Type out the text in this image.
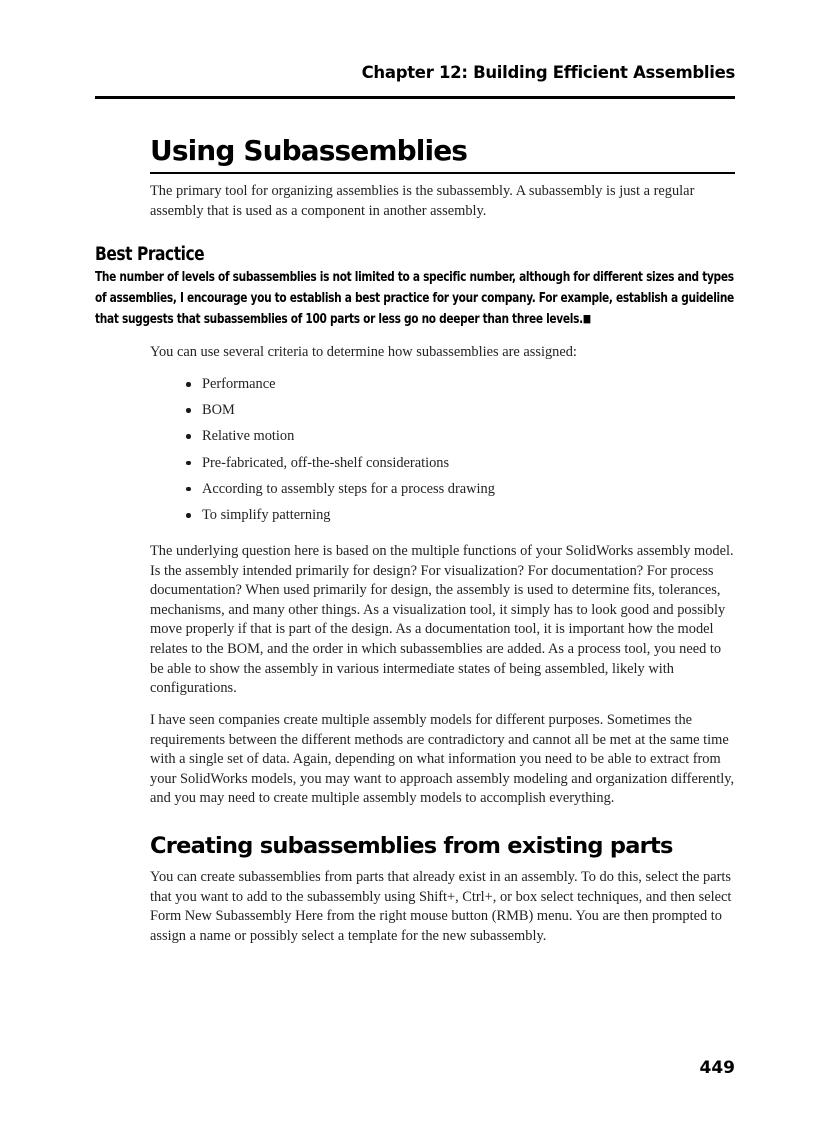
Chapter 12: Building Efficient Assemblies
Using Subassemblies

The primary tool for organizing assemblies is the subassembly. A subassembly is just a regular assembly that is used as a component in another assembly.

Best Practice

The number of levels of subassemblies is not limited to a specific number, although for different sizes and types of assemblies, I encourage you to establish a best practice for your company. For example, establish a guideline that suggests that subassemblies of 100 parts or less go no deeper than three levels.■

You can use several criteria to determine how subassemblies are assigned:

Performance
BOM
Relative motion
Pre-fabricated, off-the-shelf considerations
According to assembly steps for a process drawing
To simplify patterning

The underlying question here is based on the multiple functions of your SolidWorks assembly model. Is the assembly intended primarily for design? For visualization? For documentation? For process documentation? When used primarily for design, the assembly is used to determine fits, tolerances, mechanisms, and many other things. As a visualization tool, it simply has to look good and possibly move properly if that is part of the design. As a documentation tool, it is important how the model relates to the BOM, and the order in which subassemblies are added. As a process tool, you need to be able to show the assembly in various intermediate states of being assembled, likely with configurations.

I have seen companies create multiple assembly models for different purposes. Sometimes the requirements between the different methods are contradictory and cannot all be met at the same time with a single set of data. Again, depending on what information you need to be able to extract from your SolidWorks models, you may want to approach assembly modeling and organization differently, and you may need to create multiple assembly models to accomplish everything.

Creating subassemblies from existing parts

You can create subassemblies from parts that already exist in an assembly. To do this, select the parts that you want to add to the subassembly using Shift+, Ctrl+, or box select techniques, and then select Form New Subassembly Here from the right mouse button (RMB) menu. You are then prompted to assign a name or possibly select a template for the new subassembly.

449
